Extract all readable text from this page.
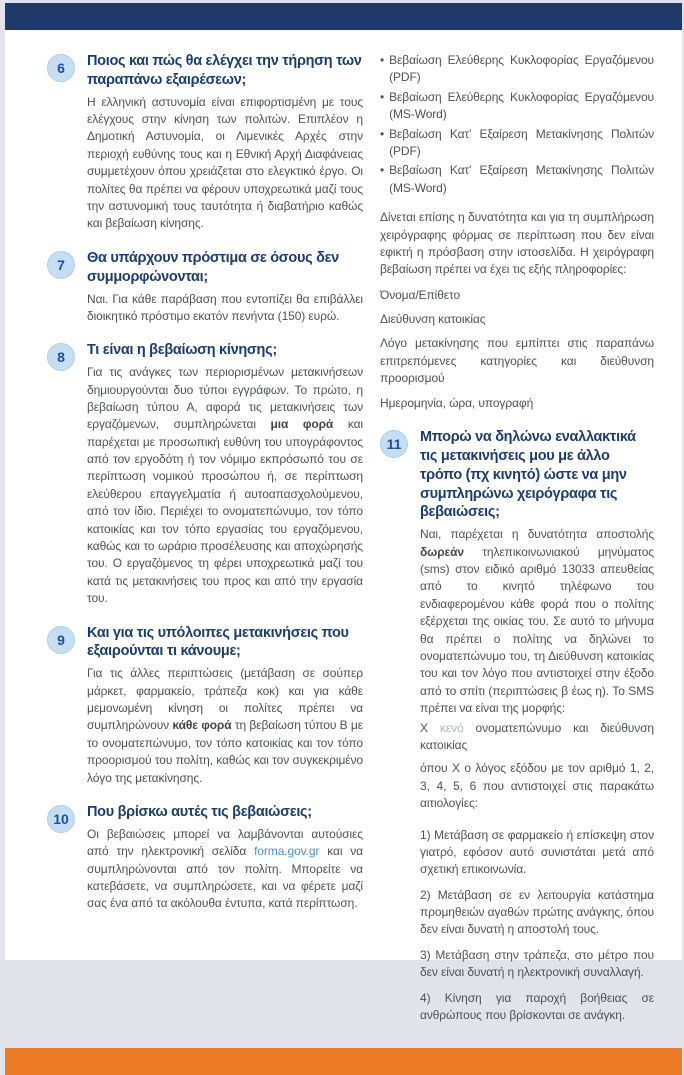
6	Ποιος και πώς θα ελέγχει την τήρηση των παραπάνω εξαιρέσεων;

Η ελληνική αστυνομία είναι επιφορτισμένη με τους ελέγχους στην κίνηση των πολιτών. Επιπλέον η Δημοτική Αστυνομία, οι Λιμενικές Αρχές στην περιοχή ευθύνης τους και η Εθνική Αρχή Διαφάνειας συμμετέχουν όπου χρειάζεται στο ελεγκτικό έργο. Οι πολίτες θα πρέπει να φέρουν υποχρεωτικά μαζί τους την αστυνομική τους ταυτότητα ή διαβατήριο καθώς και βεβαίωση κίνησης.

7	Θα υπάρχουν πρόστιμα σε όσους δεν συμμορφώνονται;

Ναι. Για κάθε παράβαση που εντοπίζει θα επιβάλλει διοικητικό πρόστιμο εκατόν πενήντα (150) ευρώ.

8	Τι είναι η βεβαίωση κίνησης;

Για τις ανάγκες των περιορισμένων μετακινήσεων δημιουργούνται δυο τύποι εγγράφων. Το πρώτο, η βεβαίωση τύπου Α, αφορά τις μετακινήσεις των εργαζόμενων, συμπληρώνεται μια φορά και παρέχεται με προσωπική ευθύνη του υπογράφοντος από τον εργοδότη ή τον νόμιμο εκπρόσωπό του σε περίπτωση νομικού προσώπου ή, σε περίπτωση ελεύθερου επαγγελματία ή αυτοαπασχολούμενου, από τον ίδιο. Περιέχει το ονοματεπώνυμο, τον τόπο κατοικίας και τον τόπο εργασίας του εργαζόμενου, καθώς και το ωράριο προσέλευσης και αποχώρησής του. Ο εργαζόμενος τη φέρει υποχρεωτικά μαζί του κατά τις μετακινήσεις του προς και από την εργασία του.

9	Και για τις υπόλοιπες μετακινήσεις που εξαιρούνται τι κάνουμε;

Για τις άλλες περιπτώσεις (μετάβαση σε σούπερ μάρκετ, φαρμακείο, τράπεζα κοκ) και για κάθε μεμονωμένη κίνηση οι πολίτες πρέπει να συμπληρώνουν κάθε φορά τη βεβαίωση τύπου Β με το ονοματεπώνυμο, τον τόπο κατοικίας και τον τόπο προορισμού του πολίτη, καθώς και τον συγκεκριμένο λόγο της μετακίνησης.

10	Που βρίσκω αυτές τις βεβαιώσεις;

Οι βεβαιώσεις μπορεί να λαμβάνονται αυτούσιες από την ηλεκτρονική σελίδα forma.gov.gr και να συμπληρώνονται από τον πολίτη. Μπορείτε να κατεβάσετε, να συμπληρώσετε, και να φέρετε μαζί σας ένα από τα ακόλουθα έντυπα, κατά περίπτωση.

• Βεβαίωση Ελεύθερης Κυκλοφορίας Εργαζόμενου (PDF)
• Βεβαίωση Ελεύθερης Κυκλοφορίας Εργαζόμενου (MS-Word)
• Βεβαίωση Κατ' Εξαίρεση Μετακίνησης Πολιτών (PDF)
• Βεβαίωση Κατ' Εξαίρεση Μετακίνησης Πολιτών (MS-Word)

Δίνεται επίσης η δυνατότητα και για τη συμπλήρωση χειρόγραφης φόρμας σε περίπτωση που δεν είναι εφικτή η πρόσβαση στην ιστοσελίδα. Η χειρόγραφη βεβαίωση πρέπει να έχει τις εξής πληροφορίες:

Όνομα/Επίθετο
Διεύθυνση κατοικίας
Λόγο μετακίνησης που εμπίπτει στις παραπάνω επιτρεπόμενες κατηγορίες και διεύθυνση προορισμού
Ημερομηνία, ώρα, υπογραφή
11	Μπορώ να δηλώνω εναλλακτικά τις μετακινήσεις μου με άλλο τρόπο (πχ κινητό) ώστε να μην συμπληρώνω χειρόγραφα τις βεβαιώσεις;

Ναι, παρέχεται η δυνατότητα αποστολής δωρεάν τηλεπικοινωνιακού μηνύματος (sms) στον ειδικό αριθμό 13033 απευθείας από το κινητό τηλέφωνο του ενδιαφερομένου κάθε φορά που ο πολίτης εξέρχεται της οικίας του. Σε αυτό το μήνυμα θα πρέπει ο πολίτης να δηλώνει το ονοματεπώνυμο του, τη Διεύθυνση κατοικίας του και τον λόγο που αντιστοιχεί στην έξοδο από το σπίτι (περιπτώσεις β έως η). Το SMS πρέπει να είναι της μορφής:

X κενό ονοματεπώνυμο και διεύθυνση κατοικίας

όπου X ο λόγος εξόδου με τον αριθμό 1, 2, 3, 4, 5, 6 που αντιστοιχεί στις παρακάτω αιτιολογίες:

1) Μετάβαση σε φαρμακείο ή επίσκεψη στον γιατρό, εφόσον αυτό συνιστάται μετά από σχετική επικοινωνία.

2) Μετάβαση σε εν λειτουργία κατάστημα προμηθειών αγαθών πρώτης ανάγκης, όπου δεν είναι δυνατή η αποστολή τους.

3) Μετάβαση στην τράπεζα, στο μέτρο που δεν είναι δυνατή η ηλεκτρονική συναλλαγή.

4) Κίνηση για παροχή βοήθειας σε ανθρώπους που βρίσκονται σε ανάγκη.
